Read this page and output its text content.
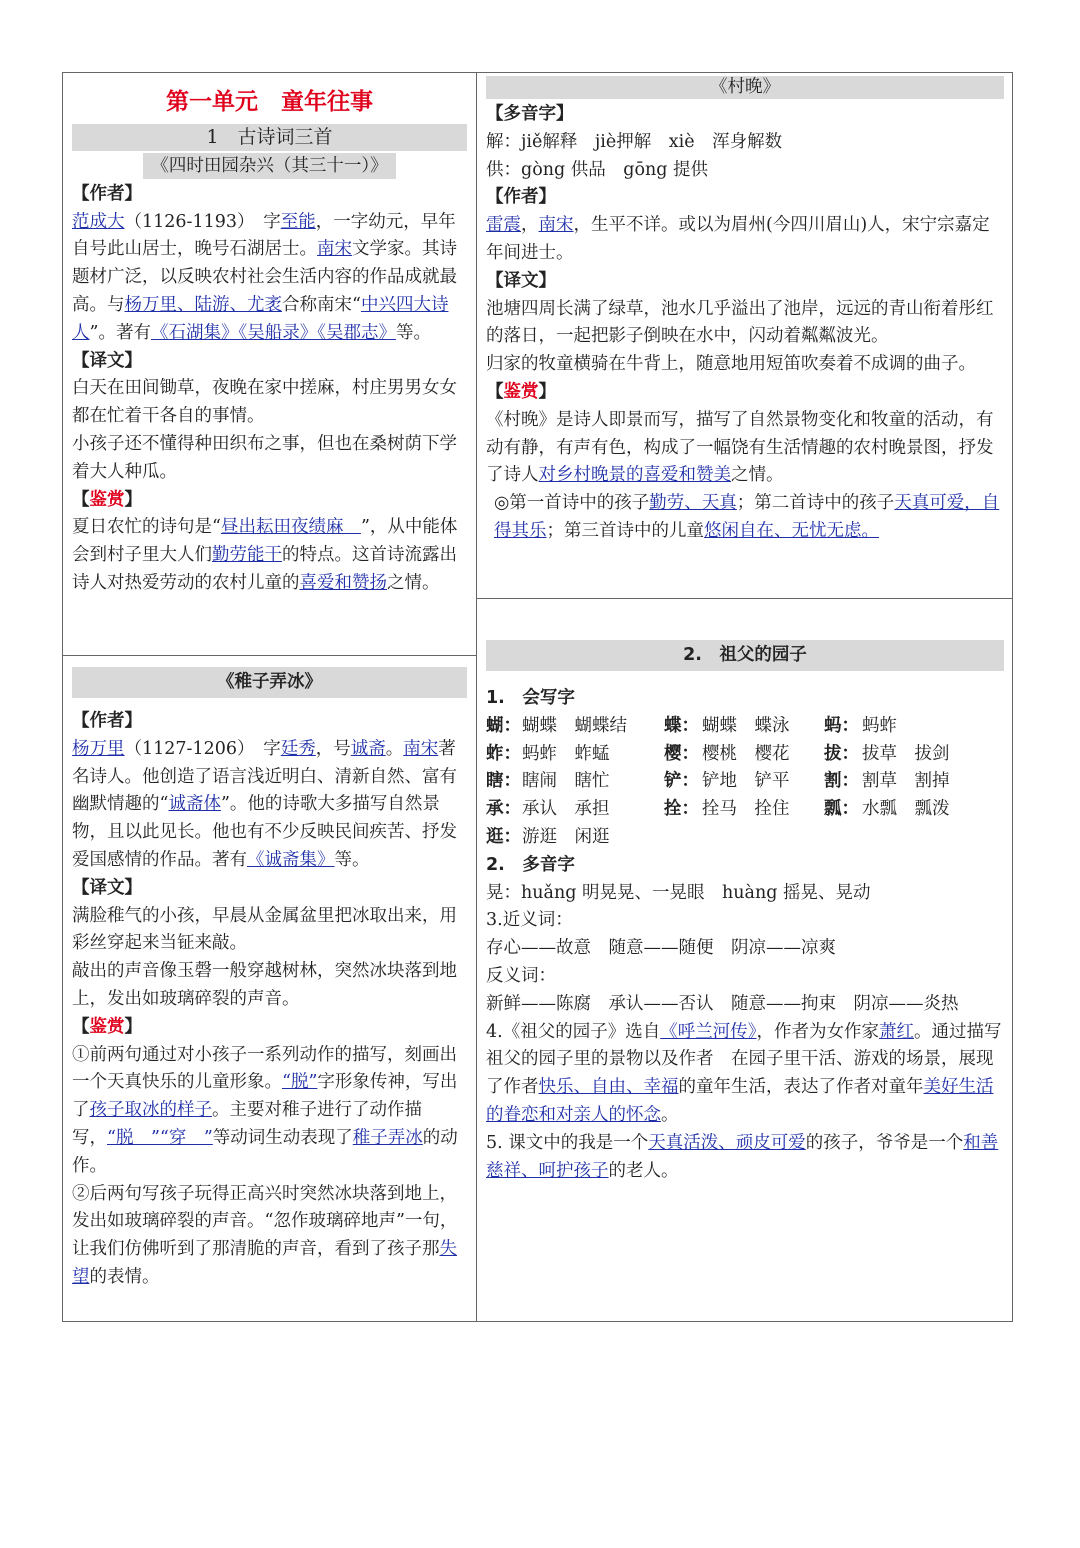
第一单元　童年往事
1　古诗词三首
《四时田园杂兴（其三十一）》

【作者】

范成大（1126-1193）　字至能，一字幼元，早年自号此山居士，晚号石湖居士。南宋文学家。其诗题材广泛，以反映农村社会生活内容的作品成就最高。与杨万里、陆游、尤袤合称南宋“中兴四大诗人”。著有《石湖集》《吴船录》《吴郡志》等。

【译文】

白天在田间锄草，夜晚在家中搓麻，村庄男男女女都在忙着干各自的事情。

小孩子还不懂得种田织布之事，但也在桑树荫下学着大人种瓜。

【鉴赏】

夏日农忙的诗句是“昼出耘田夜绩麻　”，从中能体会到村子里大人们勤劳能干的特点。这首诗流露出诗人对热爱劳动的农村儿童的喜爱和赞扬之情。

《稚子弄冰》

【作者】

杨万里（1127-1206）　字廷秀，号诚斋。南宋著名诗人。他创造了语言浅近明白、清新自然、富有幽默情趣的“诚斋体”。他的诗歌大多描写自然景物，且以此见长。他也有不少反映民间疾苦、抒发爱国感情的作品。著有《诚斋集》等。

【译文】

满脸稚气的小孩，早晨从金属盆里把冰取出来，用彩丝穿起来当钲来敲。

敲出的声音像玉磬一般穿越树林，突然冰块落到地上，发出如玻璃碎裂的声音。

【鉴赏】

①前两句通过对小孩子一系列动作的描写，刻画出一个天真快乐的儿童形象。“脱”字形象传神，写出了孩子取冰的样子。主要对稚子进行了动作描写，“脱　”“穿　”等动词生动表现了稚子弄冰的动作。

②后两句写孩子玩得正高兴时突然冰块落到地上，发出如玻璃碎裂的声音。“忽作玻璃碎地声”一句，让我们仿佛听到了那清脆的声音，看到了孩子那失望的表情。

《村晚》

【多音字】

解：jiě解释　jiè押解　xiè　浑身解数

供：gòng 供品　gōng 提供

【作者】

雷震，南宋，生平不详。或以为眉州(今四川眉山)人，宋宁宗嘉定年间进士。

【译文】

池塘四周长满了绿草，池水几乎溢出了池岸，远远的青山衔着彤红的落日，一起把影子倒映在水中，闪动着粼粼波光。

归家的牧童横骑在牛背上，随意地用短笛吹奏着不成调的曲子。

【鉴赏】

《村晚》是诗人即景而写，描写了自然景物变化和牧童的活动，有动有静，有声有色，构成了一幅饶有生活情趣的农村晚景图，抒发了诗人对乡村晚景的喜爱和赞美之情。

◎第一首诗中的孩子勤劳、天真；第二首诗中的孩子天真可爱，自得其乐；第三首诗中的儿童悠闲自在、无忧无虑。

2.　祖父的园子

1.　会写字

蝴： 蝴蝶　蝴蝶结	蝶： 蝴蝶　蝶泳	蚂： 蚂蚱
蚱： 蚂蚱　蚱蜢	樱： 樱桃　樱花	拔： 拔草　拔剑
瞎： 瞎闹　瞎忙	铲： 铲地　铲平	割： 割草　割掉
承： 承认　承担	拴： 拴马　拴住	瓢： 水瓢　瓢泼
逛： 游逛　闲逛

2.　多音字

晃：huǎng 明晃晃、一晃眼　huàng 摇晃、晃动

3.近义词：

存心——故意　随意——随便　阴凉——凉爽

反义词：

新鲜——陈腐　承认——否认　随意——拘束　阴凉——炎热

4.《祖父的园子》选自《呼兰河传》，作者为女作家萧红。通过描写祖父的园子里的景物以及作者　在园子里干活、游戏的场景，展现了作者快乐、自由、幸福的童年生活，表达了作者对童年美好生活的眷恋和对亲人的怀念。

5. 课文中的我是一个天真活泼、顽皮可爱的孩子，爷爷是一个和善慈祥、呵护孩子的老人。
